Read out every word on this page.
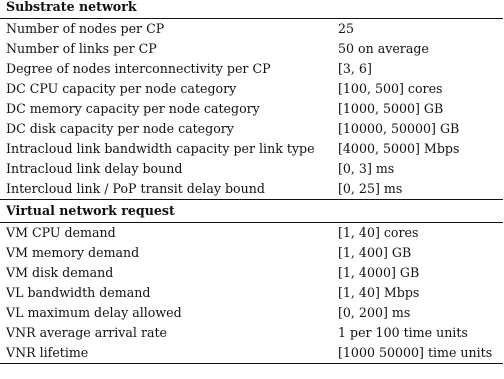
Substrate network	
Number of nodes per CP	25
Number of links per CP	50 on average
Degree of nodes interconnectivity per CP	[3, 6]
DC CPU capacity per node category	[100, 500] cores
DC memory capacity per node category	[1000, 5000] GB
DC disk capacity per node category	[10000, 50000] GB
Intracloud link bandwidth capacity per link type	[4000, 5000] Mbps
Intracloud link delay bound	[0, 3] ms
Intercloud link / PoP transit delay bound	[0, 25] ms
Virtual network request	
VM CPU demand	[1, 40] cores
VM memory demand	[1, 400] GB
VM disk demand	[1, 4000] GB
VL bandwidth demand	[1, 40] Mbps
VL maximum delay allowed	[0, 200] ms
VNR average arrival rate	1 per 100 time units
VNR lifetime	[1000 50000] time units
